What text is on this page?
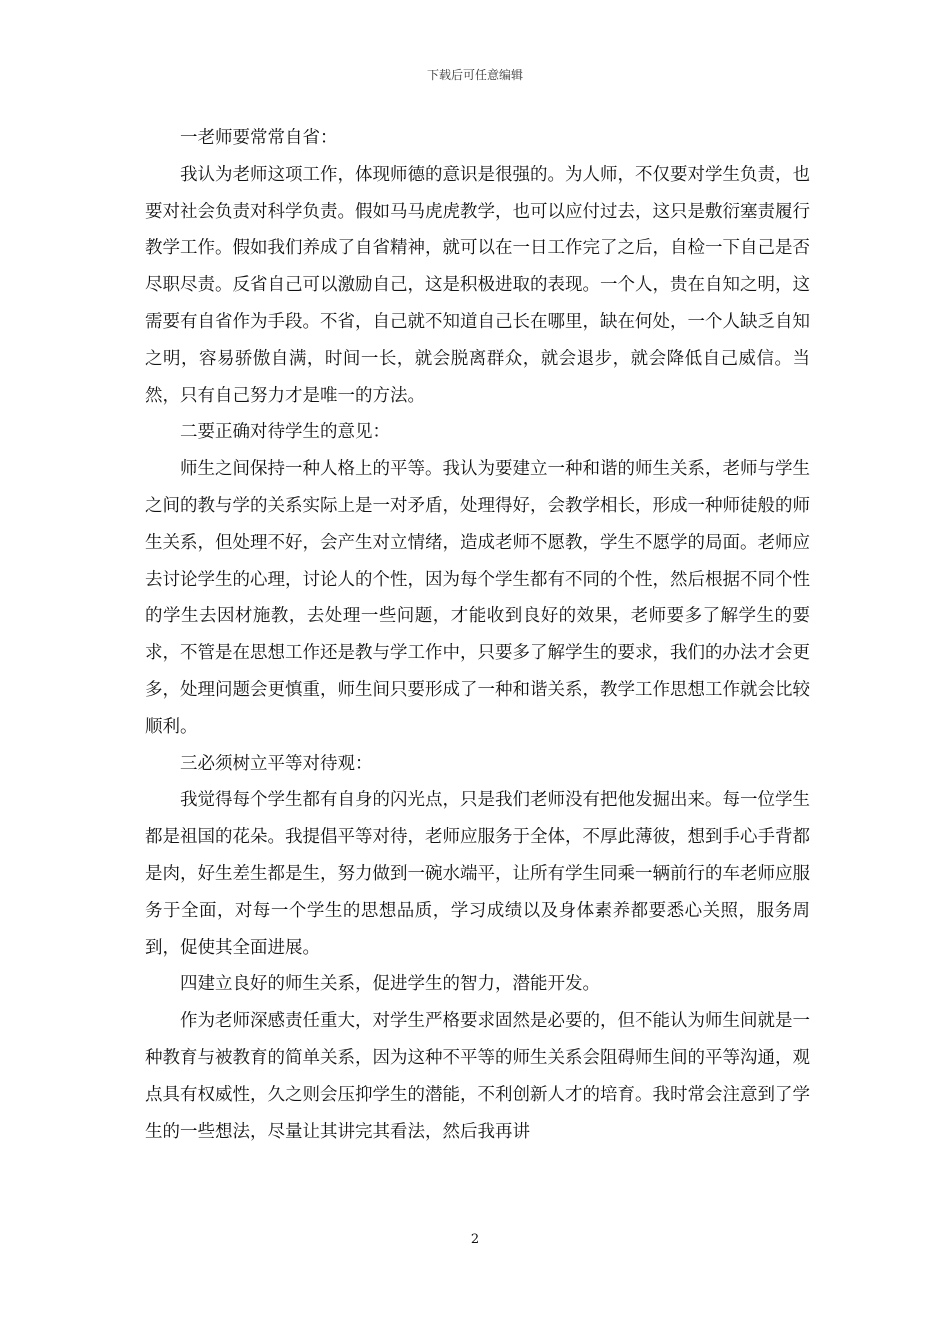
下载后可任意编辑

一老师要常常自省：

我认为老师这项工作，体现师德的意识是很强的。为人师，不仅要对学生负责，也要对社会负责对科学负责。假如马马虎虎教学，也可以应付过去，这只是敷衍塞责履行教学工作。假如我们养成了自省精神，就可以在一日工作完了之后，自检一下自己是否尽职尽责。反省自己可以激励自己，这是积极进取的表现。一个人，贵在自知之明，这需要有自省作为手段。不省，自己就不知道自己长在哪里，缺在何处，一个人缺乏自知之明，容易骄傲自满，时间一长，就会脱离群众，就会退步，就会降低自己威信。当然，只有自己努力才是唯一的方法。

二要正确对待学生的意见：

师生之间保持一种人格上的平等。我认为要建立一种和谐的师生关系，老师与学生之间的教与学的关系实际上是一对矛盾，处理得好，会教学相长，形成一种师徒般的师生关系，但处理不好，会产生对立情绪，造成老师不愿教，学生不愿学的局面。老师应去讨论学生的心理，讨论人的个性，因为每个学生都有不同的个性，然后根据不同个性的学生去因材施教，去处理一些问题，才能收到良好的效果，老师要多了解学生的要求，不管是在思想工作还是教与学工作中，只要多了解学生的要求，我们的办法才会更多，处理问题会更慎重，师生间只要形成了一种和谐关系，教学工作思想工作就会比较顺利。

三必须树立平等对待观：

我觉得每个学生都有自身的闪光点，只是我们老师没有把他发掘出来。每一位学生都是祖国的花朵。我提倡平等对待，老师应服务于全体，不厚此薄彼，想到手心手背都是肉，好生差生都是生，努力做到一碗水端平，让所有学生同乘一辆前行的车老师应服务于全面，对每一个学生的思想品质，学习成绩以及身体素养都要悉心关照，服务周到，促使其全面进展。

四建立良好的师生关系，促进学生的智力，潜能开发。

作为老师深感责任重大，对学生严格要求固然是必要的，但不能认为师生间就是一种教育与被教育的简单关系，因为这种不平等的师生关系会阻碍师生间的平等沟通，观点具有权威性，久之则会压抑学生的潜能，不利创新人才的培育。我时常会注意到了学生的一些想法，尽量让其讲完其看法，然后我再讲

2
